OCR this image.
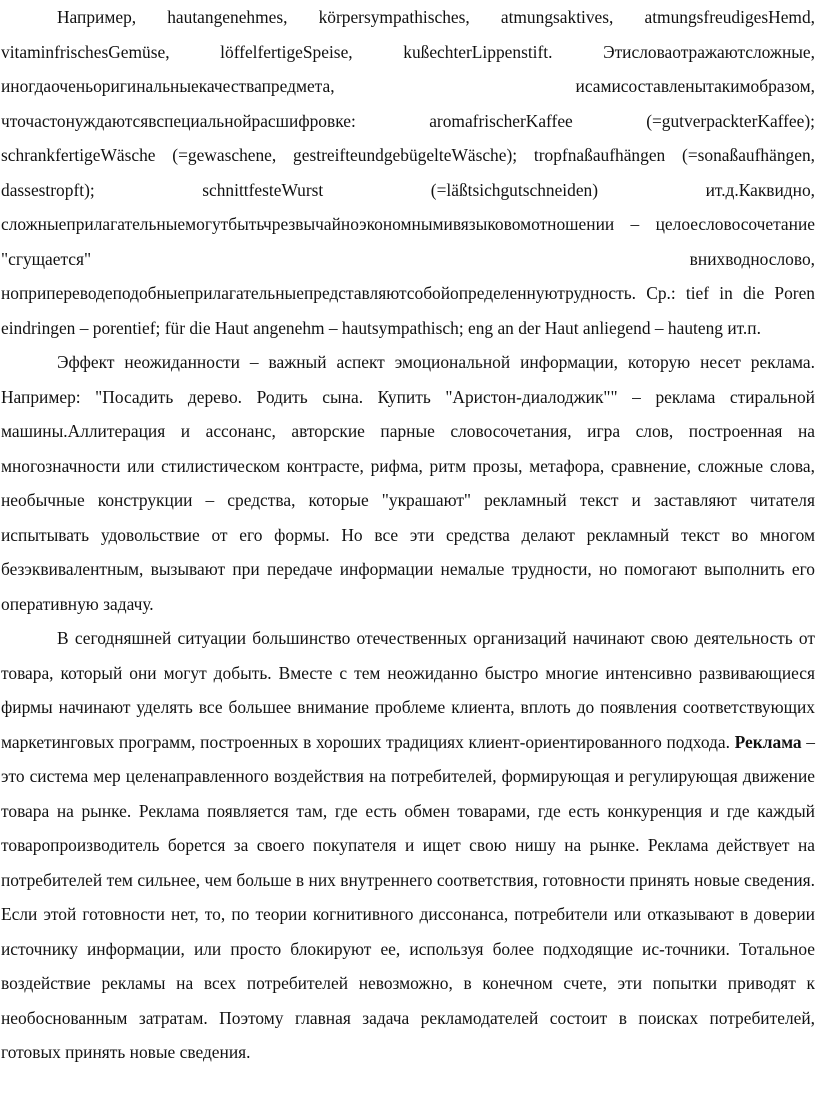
Например, hautangenehmes, körpersympathisches, atmungsaktives, atmungsfreudigesHemd, vitaminfrischesGemüse, löffelfertigeSpeise, kußechterLippenstift. Этисловаотражаютсложные, иногдаоченьоригинальныекачествапредмета, исамисоставленытакимобразом, чточастонуждаютсявспециальнойрасшифровке: aromafrischerKaffee (=gutverpackterKaffee); schrankfertigeWäsche (=gewaschene, gestreifteundgebügelteWäsche); tropfnaßaufhängen (=sonaßaufhängen, dassestropft); schnittfesteWurst (=läßtsichgutschneiden) ит.д.Каквидно, сложныеприлагательныемогутбытьчрезвычайноэкономнымивязыковомотношении – целоесловосочетание "сгущается" внихводнослово, ноприпереводеподобныеприлагательныепредставляютсобойопределеннуютрудность. Ср.: tief in die Poren eindringen – porentief; für die Haut angenehm – hautsympathisch; eng an der Haut anliegend – hauteng ит.п.

Эффект неожиданности – важный аспект эмоциональной информации, которую несет реклама. Например: "Посадить дерево. Родить сына. Купить "Аристон-диалоджик"" – реклама стиральной машины.Аллитерация и ассонанс, авторские парные словосочетания, игра слов, построенная на многозначности или стилистическом контрасте, рифма, ритм прозы, метафора, сравнение, сложные слова, необычные конструкции – средства, которые "украшают" рекламный текст и заставляют читателя испытывать удовольствие от его формы. Но все эти средства делают рекламный текст во многом безэквивалентным, вызывают при передаче информации немалые трудности, но помогают выполнить его оперативную задачу.

В сегодняшней ситуации большинство отечественных организаций начинают свою деятельность от товара, который они могут добыть. Вместе с тем неожиданно быстро многие интенсивно развивающиеся фирмы начинают уделять все большее внимание проблеме клиента, вплоть до появления соответствующих маркетинговых программ, построенных в хороших традициях клиент-ориентированного подхода. Реклама – это система мер целенаправленного воздействия на потребителей, формирующая и регулирующая движение товара на рынке. Реклама появляется там, где есть обмен товарами, где есть конкуренция и где каждый товаропроизводитель борется за своего покупателя и ищет свою нишу на рынке. Реклама действует на потребителей тем сильнее, чем больше в них внутреннего соответствия, готовности принять новые сведения. Если этой готовности нет, то, по теории когнитивного диссонанса, потребители или отказывают в доверии источнику информации, или просто блокируют ее, используя более подходящие ис-точники. Тотальное воздействие рекламы на всех потребителей невозможно, в конечном счете, эти попытки приводят к необоснованным затратам. Поэтому главная задача рекламодателей состоит в поисках потребителей, готовых принять новые сведения.
